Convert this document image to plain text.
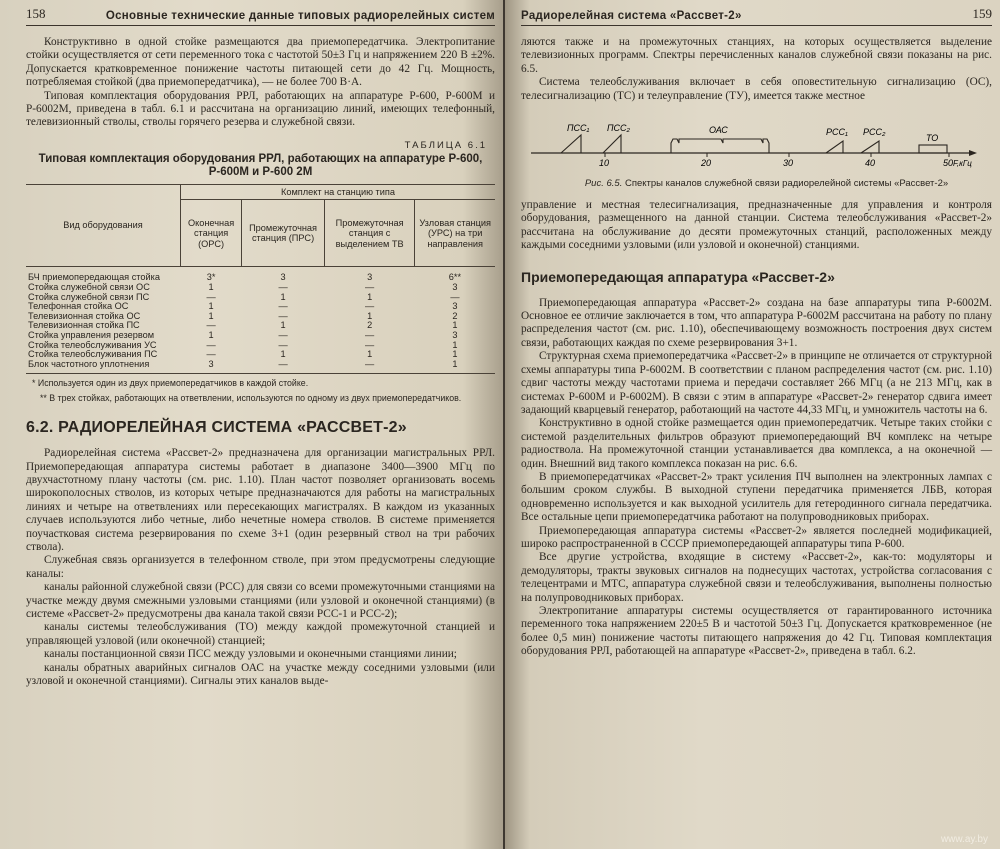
158	Основные технические данные типовых радиорелейных систем

Конструктивно в одной стойке размещаются два приемопередатчика. Электропитание стойки осуществляется от сети переменного тока с частотой 50±3 Гц и напряжением 220 В ±2%. Допускается кратковременное понижение частоты питающей сети до 42 Гц. Мощность, потребляемая стойкой (два приемопередатчика), — не более 700 В·А.

Типовая комплектация оборудования РРЛ, работающих на аппаратуре Р-600, Р-600М и Р-6002М, приведена в табл. 6.1 и рассчитана на организацию линий, имеющих телефонный, телевизионный стволы, стволы горячего резерва и служебной связи.

ТАБЛИЦА 6.1
Типовая комплектация оборудования РРЛ, работающих на аппаратуре Р-600, Р-600М и Р-600 2М
Вид оборудования	Комплект на станцию типа			
	Оконечная станция (ОРС)	Промежуточная станция (ПРС)	Промежуточная станция с выделением ТВ	Узловая станция (УРС) на три направления
БЧ приемопередающая стойка	3*	3	3	6**
Стойка служебной связи ОС	1	—	—	3
Стойка служебной связи ПС	—	1	1	—
Телефонная стойка ОС	1	—	—	3
Телевизионная стойка ОС	1	—	1	2
Телевизионная стойка ПС	—	1	2	1
Стойка управления резервом	1	—	—	3
Стойка телеобслуживания УС	—	—	—	1
Стойка телеобслуживания ПС	—	1	1	1
Блок частотного уплотнения	3	—	—	1
* Используется один из двух приемопередатчиков в каждой стойке.
** В трех стойках, работающих на ответвлении, используются по одному из двух приемопередатчиков.
6.2. РАДИОРЕЛЕЙНАЯ СИСТЕМА «РАССВЕТ-2»

Радиорелейная система «Рассвет-2» предназначена для организации магистральных РРЛ. Приемопередающая аппаратура системы работает в диапазоне 3400—3900 МГц по двухчастотному плану частоты (см. рис. 1.10). План частот позволяет организовать восемь широкополосных стволов, из которых четыре предназначаются для работы на магистральных линиях и четыре на ответвлениях или пересекающих магистралях. В каждом из указанных случаев используются либо четные, либо нечетные номера стволов. В системе применяется поучастковая система резервирования по схеме 3+1 (один резервный ствол на три рабочих ствола).

Служебная связь организуется в телефонном стволе, при этом предусмотрены следующие каналы:

каналы районной служебной связи (РСС) для связи со всеми промежуточными станциями на участке между двумя смежными узловыми станциями (или узловой и оконечной станциями) (в системе «Рассвет-2» предусмотрены два канала такой связи РСС-1 и РСС-2);

каналы системы телеобслуживания (ТО) между каждой промежуточной станцией и управляющей узловой (или оконечной) станцией;

каналы постанционной связи ПСС между узловыми и оконечными станциями линии;

каналы обратных аварийных сигналов ОАС на участке между соседними узловыми (или узловой и оконечной станциями). Сигналы этих каналов выде-

Радиорелейная система «Рассвет-2»	159

ляются также и на промежуточных станциях, на которых осуществляется выделение телевизионных программ. Спектры перечисленных каналов служебной связи показаны на рис. 6.5.

Система телеобслуживания включает в себя оповестительную сигнализацию (ОС), телесигнализацию (ТС) и телеуправление (ТУ), имеется также местное

ПСС₁ ПСС₂	ОАС	РСС₁ РСС₂
ТО
10	20	30	40	50 F,кГц
Рис. 6.5. Спектры каналов служебной связи радиорелейной системы «Рассвет-2»

управление и местная телесигнализация, предназначенные для управления и контроля оборудования, размещенного на данной станции. Система телеобслуживания «Рассвет-2» рассчитана на обслуживание до десяти промежуточных станций, расположенных между каждыми соседними узловыми (или узловой и оконечной) станциями.

Приемопередающая аппаратура «Рассвет-2»

Приемопередающая аппаратура «Рассвет-2» создана на базе аппаратуры типа Р-6002М. Основное ее отличие заключается в том, что аппаратура Р-6002М рассчитана на работу по плану распределения частот (см. рис. 1.10), обеспечивающему возможность построения двух систем связи, работающих каждая по схеме резервирования 3+1.

Структурная схема приемопередатчика «Рассвет-2» в принципе не отличается от структурной схемы аппаратуры типа Р-6002М. В соответствии с планом распределения частот (см. рис. 1.10) сдвиг частоты между частотами приема и передачи составляет 266 МГц (а не 213 МГц, как в системах Р-600М и Р-6002М). В связи с этим в аппаратуре «Рассвет-2» генератор сдвига имеет задающий кварцевый генератор, работающий на частоте 44,33 МГц, и умножитель частоты на 6.

Конструктивно в одной стойке размещается один приемопередатчик. Четыре таких стойки с системой разделительных фильтров образуют приемопередающий ВЧ комплекс на четыре радиоствола. На промежуточной станции устанавливается два комплекса, а на оконечной — один. Внешний вид такого комплекса показан на рис. 6.6.

В приемопередатчиках «Рассвет-2» тракт усиления ПЧ выполнен на электронных лампах с большим сроком службы. В выходной ступени передатчика применяется ЛБВ, которая одновременно используется и как выходной усилитель для гетеродинного сигнала передатчика. Все остальные цепи приемопередатчика работают на полупроводниковых приборах.

Приемопередающая аппаратура системы «Рассвет-2» является последней модификацией, широко распространенной в СССР приемопередающей аппаратуры типа Р-600.

Все другие устройства, входящие в систему «Рассвет-2», как-то: модуляторы и демодуляторы, тракты звуковых сигналов на поднесущих частотах, устройства согласования с телецентрами и МТС, аппаратура служебной связи и телеобслуживания, выполнены полностью на полупроводниковых приборах.

Электропитание аппаратуры системы осуществляется от гарантированного источника переменного тока напряжением 220±5 В и частотой 50±3 Гц. Допускается кратковременное (не более 0,5 мин) понижение частоты питающего напряжения до 42 Гц. Типовая комплектация оборудования РРЛ, работающей на аппаратуре «Рассвет-2», приведена в табл. 6.2.

www.ay.by
